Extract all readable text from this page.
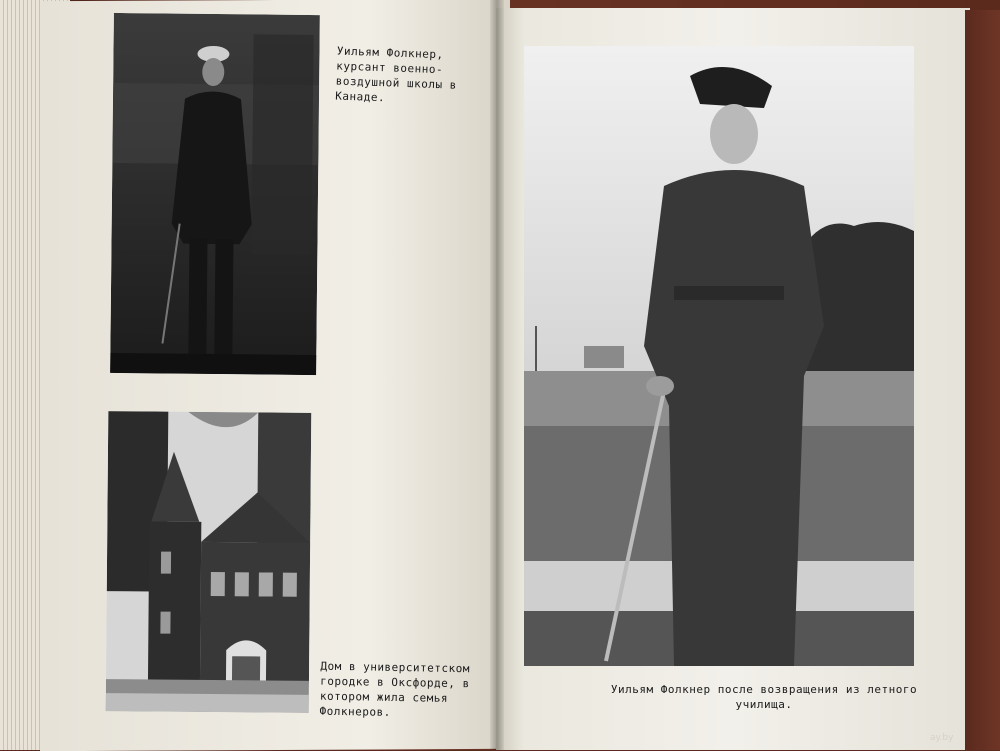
Уильям Фолкнер, курсант военно-воздушной школы в Канаде.

Дом в университетском городке в Оксфорде, в котором жила семья Фолкнеров.

Уильям Фолкнер после возвращения из летного училища.

ay.by
